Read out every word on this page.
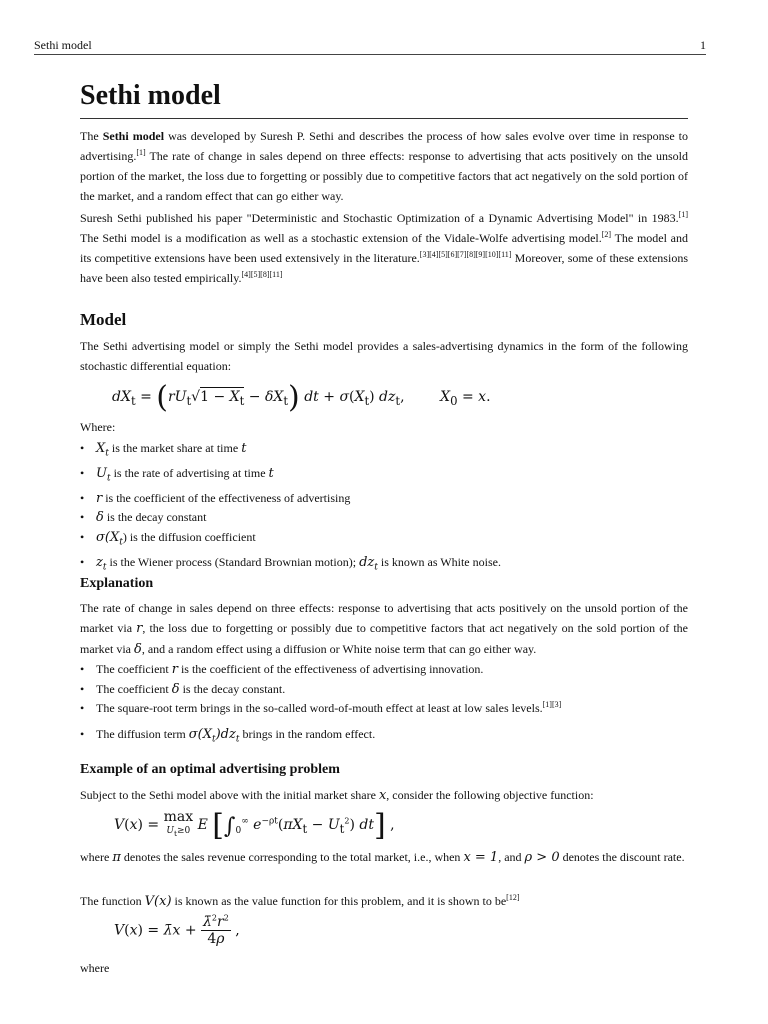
Sethi model	1
Sethi model

The Sethi model was developed by Suresh P. Sethi and describes the process of how sales evolve over time in response to advertising.[1] The rate of change in sales depend on three effects: response to advertising that acts positively on the unsold portion of the market, the loss due to forgetting or possibly due to competitive factors that act negatively on the sold portion of the market, and a random effect that can go either way.

Suresh Sethi published his paper "Deterministic and Stochastic Optimization of a Dynamic Advertising Model" in 1983.[1] The Sethi model is a modification as well as a stochastic extension of the Vidale-Wolfe advertising model.[2] The model and its competitive extensions have been used extensively in the literature.[3][4][5][6][7][8][9][10][11] Moreover, some of these extensions have been also tested empirically.[4][5][8][11]

Model

The Sethi advertising model or simply the Sethi model provides a sales-advertising dynamics in the form of the following stochastic differential equation:

$dX_t = (rU_t√1 - X_t - \delta X_t)$ dt + $\sigma(X_t)$ $dz_t$,        $X_0 = x$.

Where:

• $X_t$ is the market share at time t
• $U_t$ is the rate of advertising at time t
• r is the coefficient of the effectiveness of advertising
• δ is the decay constant
• $\sigma(X_t)$ is the diffusion coefficient
• $z_t$ is the Wiener process (Standard Brownian motion); $dz_t$ is known as White noise.
Explanation

The rate of change in sales depend on three effects: response to advertising that acts positively on the unsold portion of the market via r, the loss due to forgetting or possibly due to competitive factors that act negatively on the sold portion of the market via δ, and a random effect using a diffusion or White noise term that can go either way.

• The coefficient r is the coefficient of the effectiveness of advertising innovation.
• The coefficient δ is the decay constant.
• The square-root term brings in the so-called word-of-mouth effect at least at low sales levels.[1][3]
• The diffusion term $\sigma(X_t)dz_t$ brings in the random effect.
Example of an optimal advertising problem

Subject to the Sethi model above with the initial market share x, consider the following objective function:

V(x) = max
$U_t\ge 0$ E [$\int_0^\infty$ $e^{-\rho t}(\pi X_t - U_t^2)$ dt] ,

where π denotes the sales revenue corresponding to the total market, i.e., when x = 1, and ρ > 0 denotes the discount rate.

The function V(x) is known as the value function for this problem, and it is shown to be[12]

V(x) = λ̄x + $\frac{\lambdā^2r^2}{4\rho}$ ,

where
